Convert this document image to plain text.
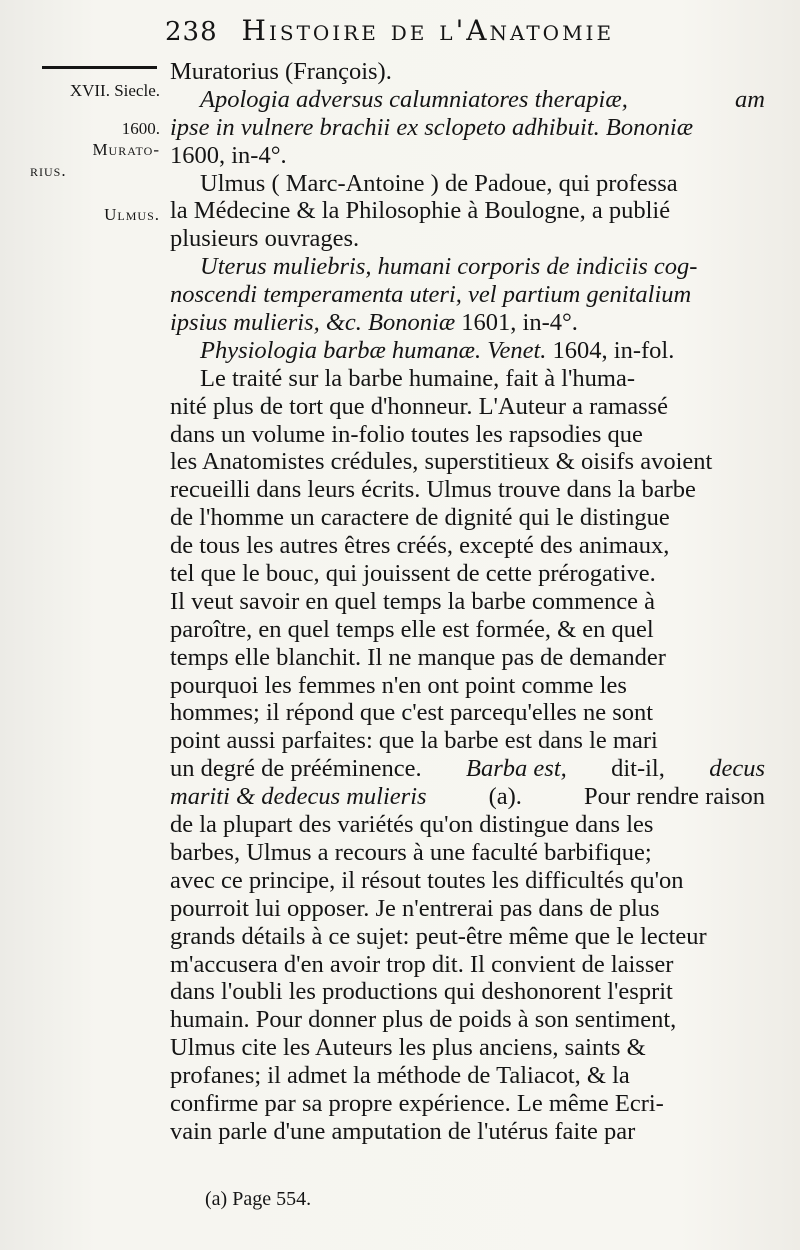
238 Histoire de l'Anatomie
XVII. Siecle.
1600.
Murato-
rius.
Ulmus.
Muratorius (François).
Apologia adversus calumniatores therapiæ,	am
ipse in vulnere brachii ex sclopeto adhibuit. Bononiæ
1600, in-4°.
Ulmus ( Marc-Antoine ) de Padoue, qui professa
la Médecine & la Philosophie à Boulogne, a publié
plusieurs ouvrages.
Uterus muliebris, humani corporis de indiciis cog-
noscendi temperamenta uteri, vel partium genitalium
ipsius mulieris, &c. Bononiæ
1601, in-4°.
Physiologia barbæ humanæ. Venet.
1604, in-fol.
Le traité sur la barbe humaine, fait à l'huma-
nité plus de tort que d'honneur. L'Auteur a ramassé
dans un volume in-folio toutes les rapsodies que
les Anatomistes crédules, superstitieux & oisifs avoient
recueilli dans leurs écrits. Ulmus trouve dans la barbe
de l'homme un caractere de dignité qui le distingue
de tous les autres êtres créés, excepté des animaux,
tel que le bouc, qui jouissent de cette prérogative.
Il veut savoir en quel temps la barbe commence à
paroître, en quel temps elle est formée, & en quel
temps elle blanchit. Il ne manque pas de demander
pourquoi les femmes n'en ont point comme les
hommes; il répond que c'est parcequ'elles ne sont
point aussi parfaites: que la barbe est dans le mari
un degré de prééminence.
Barba est,
dit-il,
decus
mariti & dedecus mulieris
	(a).
	Pour rendre raison
de la plupart des variétés qu'on distingue dans les
barbes, Ulmus a recours à une faculté barbifique;
avec ce principe, il résout toutes les difficultés qu'on
pourroit lui opposer. Je n'entrerai pas dans de plus
grands détails à ce sujet: peut-être même que le lecteur
m'accusera d'en avoir trop dit. Il convient de laisser
dans l'oubli les productions qui deshonorent l'esprit
humain. Pour donner plus de poids à son sentiment,
Ulmus cite les Auteurs les plus anciens, saints &
profanes; il admet la méthode de Taliacot, & la
confirme par sa propre expérience. Le même Ecri-
vain parle d'une amputation de l'utérus faite par
(a) Page 554.
